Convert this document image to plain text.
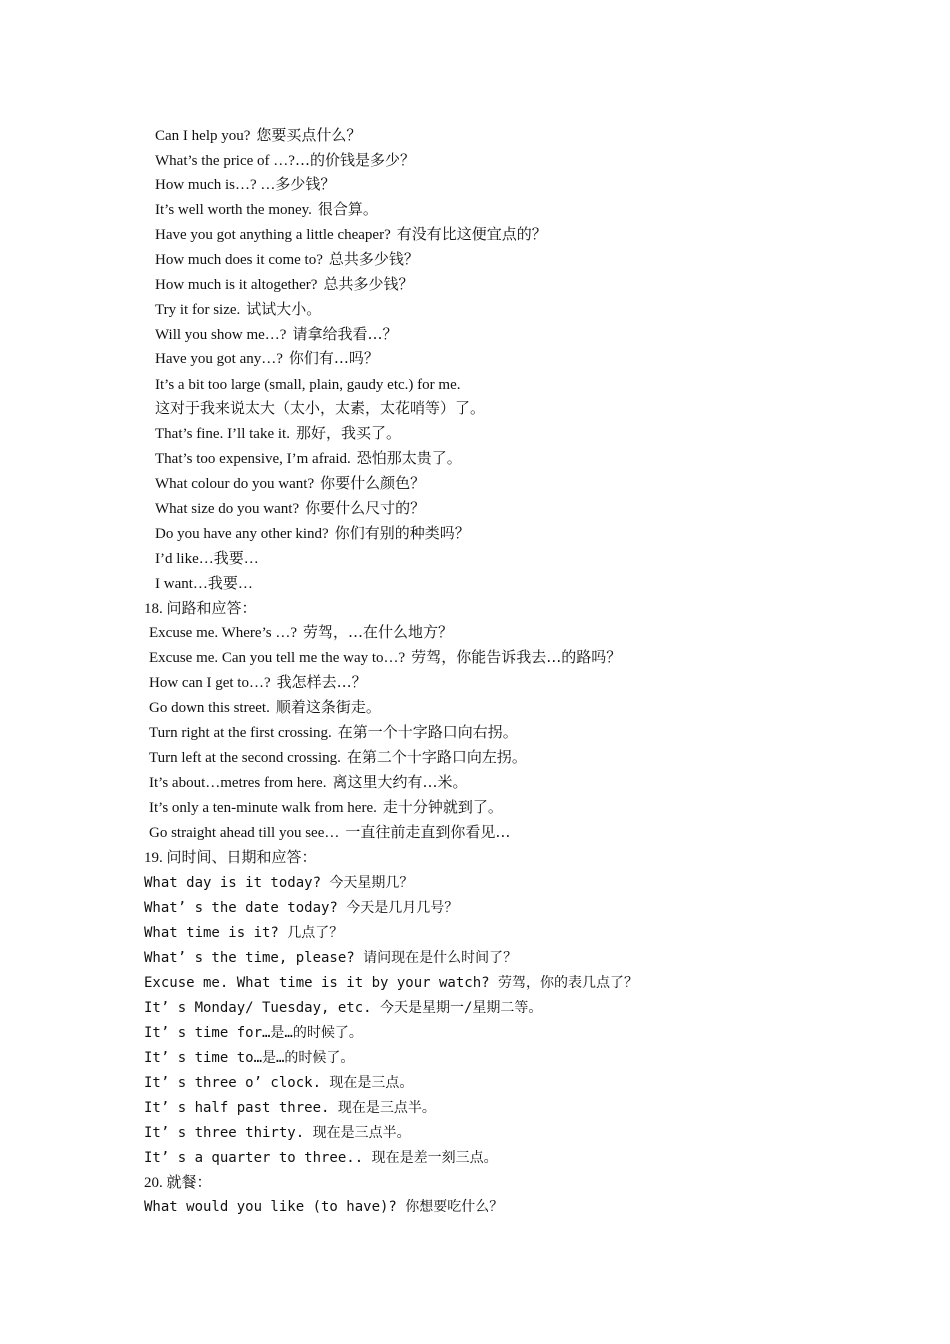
Can I help you? 您要买点什么？
What’s the price of …?…的价钱是多少？
How much is…? …多少钱？
It’s well worth the money. 很合算。
Have you got anything a little cheaper? 有没有比这便宜点的？
How much does it come to? 总共多少钱？
How much is it altogether? 总共多少钱？
Try it for size. 试试大小。
Will you show me…? 请拿给我看…？
Have you got any…? 你们有…吗？
It’s a bit too large (small, plain, gaudy etc.) for me.
这对于我来说太大（太小，太素，太花哨等）了。
That’s fine. I’ll take it. 那好，我买了。
That’s too expensive, I’m afraid. 恐怕那太贵了。
What colour do you want? 你要什么颜色？
What size do you want? 你要什么尺寸的？
Do you have any other kind? 你们有别的种类吗？
I’d like…我要…
I want…我要…
18. 问路和应答：
Excuse me. Where’s …? 劳驾，…在什么地方？
Excuse me. Can you tell me the way to…? 劳驾，你能告诉我去…的路吗？
How can I get to…? 我怎样去…？
Go down this street. 顺着这条街走。
Turn right at the first crossing. 在第一个十字路口向右拐。
Turn left at the second crossing. 在第二个十字路口向左拐。
It’s about…metres from here. 离这里大约有…米。
It’s only a ten-minute walk from here. 走十分钟就到了。
Go straight ahead till you see… 一直往前走直到你看见…
19. 问时间、日期和应答：
What day is it today? 今天星期几？
What’ s the date today? 今天是几月几号？
What time is it? 几点了？
What’ s the time, please? 请问现在是什么时间了？
Excuse me. What time is it by your watch? 劳驾，你的表几点了？
It’ s Monday/ Tuesday, etc. 今天是星期一/星期二等。
It’ s time for…是…的时候了。
It’ s time to…是…的时候了。
It’ s three o’ clock. 现在是三点。
It’ s half past three. 现在是三点半。
It’ s three thirty. 现在是三点半。
It’ s a quarter to three.. 现在是差一刻三点。
20. 就餐：
What would you like (to have)? 你想要吃什么？
